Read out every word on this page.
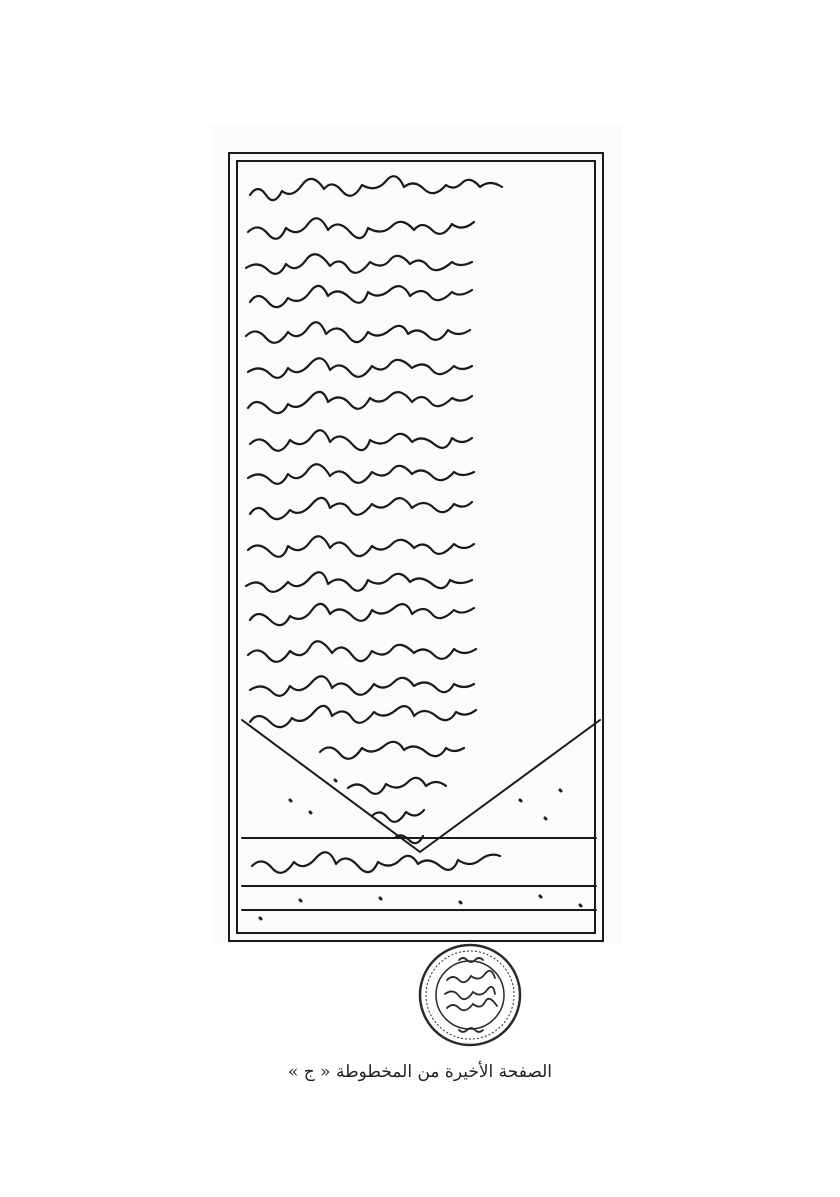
الصفحة الأخيرة من المخطوطة « ج »
